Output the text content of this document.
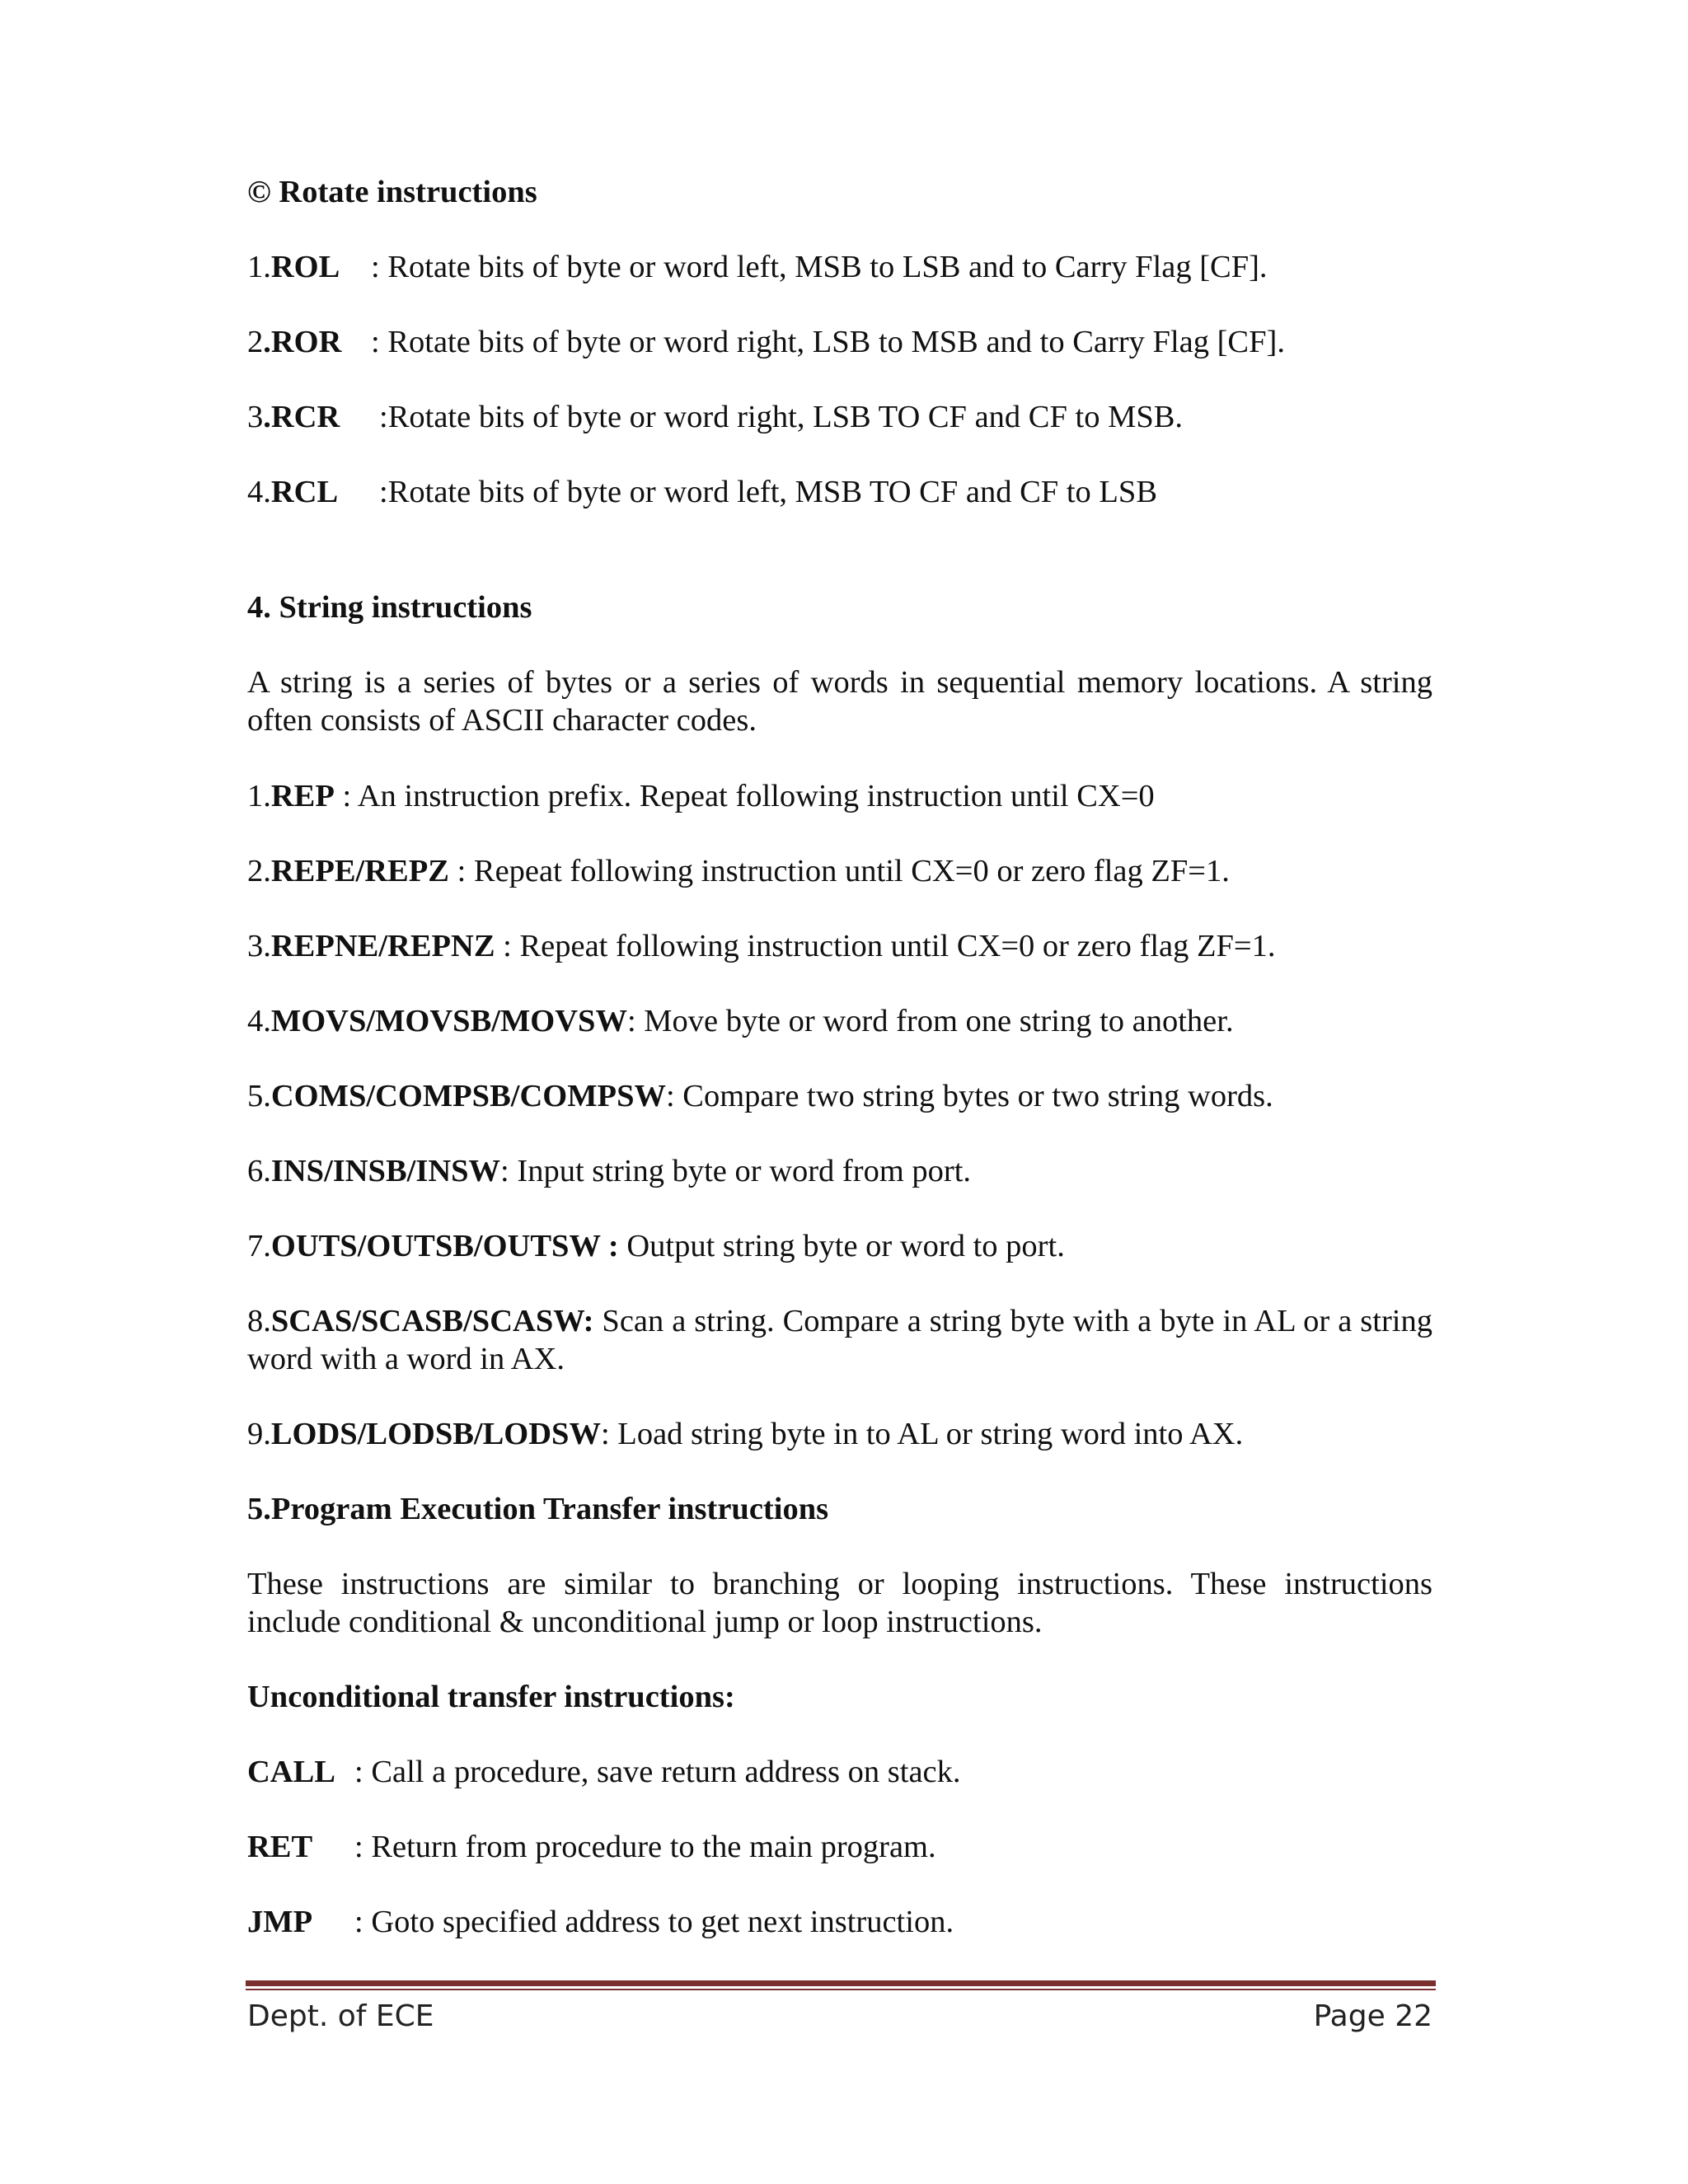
© Rotate instructions
1.ROL : Rotate bits of byte or word left, MSB to LSB and to Carry Flag [CF].
2.ROR : Rotate bits of byte or word right, LSB to MSB and to Carry Flag [CF].
3.RCR :Rotate bits of byte or word right, LSB TO CF and CF to MSB.
4.RCL :Rotate bits of byte or word left, MSB TO CF and CF to LSB
4. String instructions
A string is a series of bytes or a series of words in sequential memory locations. A string often consists of ASCII character codes.
1.REP : An instruction prefix. Repeat following instruction until CX=0
2.REPE/REPZ : Repeat following instruction until CX=0 or zero flag ZF=1.
3.REPNE/REPNZ : Repeat following instruction until CX=0 or zero flag ZF=1.
4.MOVS/MOVSB/MOVSW: Move byte or word from one string to another.
5.COMS/COMPSB/COMPSW: Compare two string bytes or two string words.
6.INS/INSB/INSW: Input string byte or word from port.
7.OUTS/OUTSB/OUTSW : Output string byte or word to port.
8.SCAS/SCASB/SCASW: Scan a string. Compare a string byte with a byte in AL or a string word with a word in AX.
9.LODS/LODSB/LODSW: Load string byte in to AL or string word into AX.
5.Program Execution Transfer instructions
These instructions are similar to branching or looping instructions. These instructions include conditional & unconditional jump or loop instructions.
Unconditional transfer instructions:
CALL : Call a procedure, save return address on stack.
RET : Return from procedure to the main program.
JMP : Goto specified address to get next instruction.
Dept. of ECE	Page 22
